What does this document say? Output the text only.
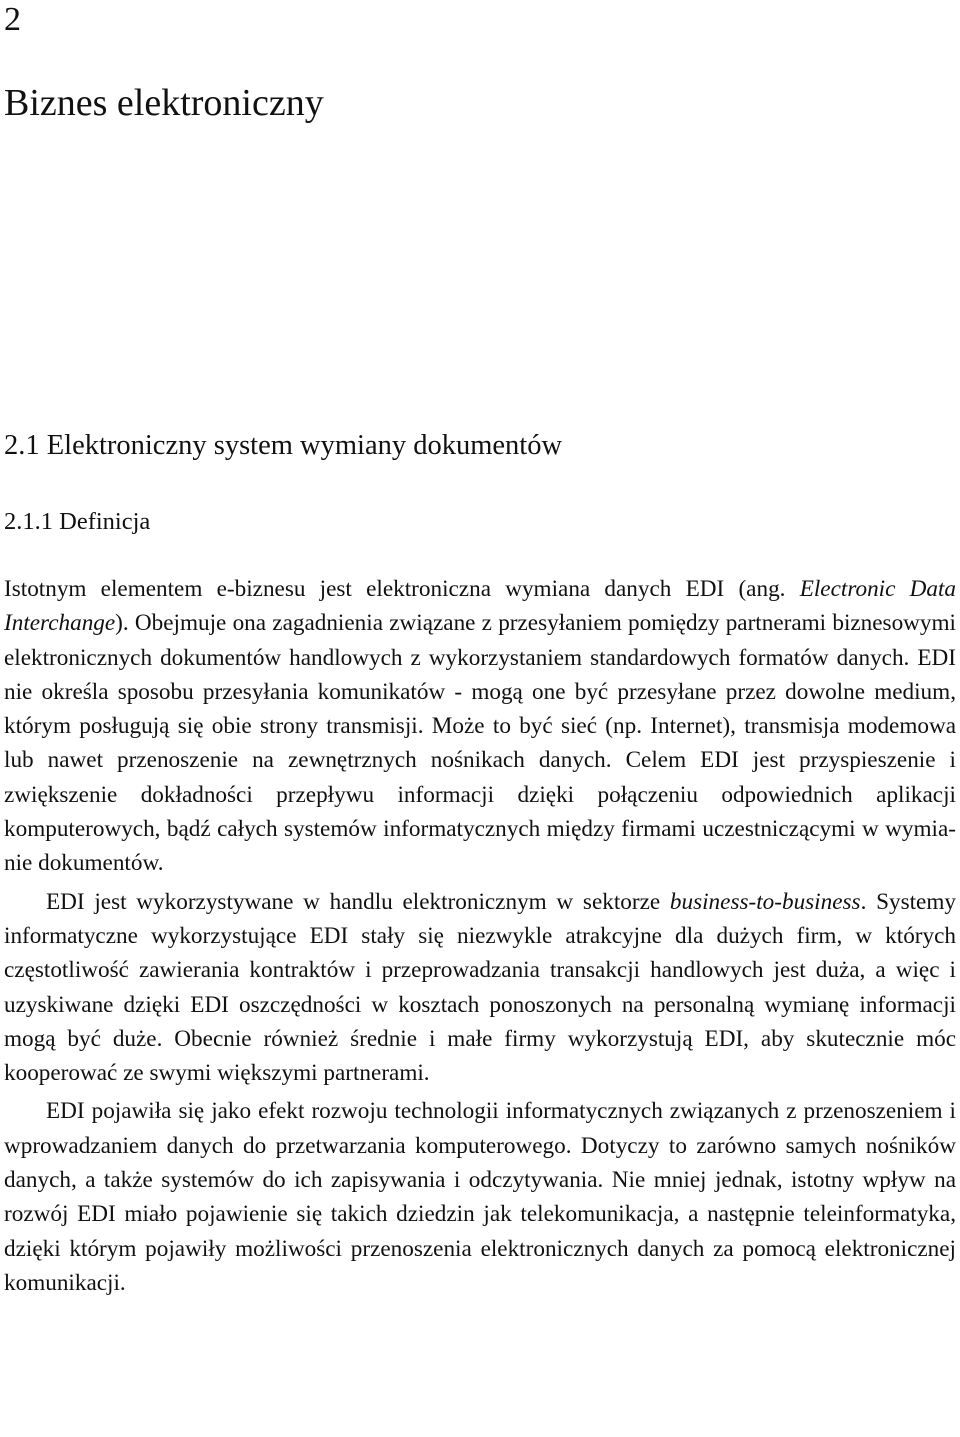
2
Biznes elektroniczny
2.1 Elektroniczny system wymiany dokumentów
2.1.1 Definicja

Istotnym elementem e-biznesu jest elektroniczna wymiana danych EDI (ang. Electronic Data Interchange). Obejmuje ona zagadnienia związane z przesyłaniem pomiędzy partnerami biznesowymi elektronicznych dokumentów handlowych z wykorzystaniem standardowych formatów danych. EDI nie określa sposobu przesyłania komunikatów - mogą one być przesyłane przez dowolne medium, którym posługują się obie strony transmisji. Może to być sieć (np. Internet), transmisja modemowa lub nawet przenoszenie na zewnętrznych nośnikach danych. Celem EDI jest przyspieszenie i zwiększenie dokładności przepływu informacji dzięki połączeniu odpowiednich aplikacji komputerowych, bądź całych systemów informatycznych między firmami uczestniczącymi w wymianie dokumentów.

EDI jest wykorzystywane w handlu elektronicznym w sektorze business-to-business. Systemy informatyczne wykorzystujące EDI stały się niezwykle atrakcyjne dla dużych firm, w których częstotliwość zawierania kontraktów i przeprowadzania transakcji handlowych jest duża, a więc i uzyskiwane dzięki EDI oszczędności w kosztach ponoszonych na personalną wymianę informacji mogą być duże. Obecnie również średnie i małe firmy wykorzystują EDI, aby skutecznie móc kooperować ze swymi większymi partnerami.

EDI pojawiła się jako efekt rozwoju technologii informatycznych związanych z przenoszeniem i wprowadzaniem danych do przetwarzania komputerowego. Dotyczy to zarówno samych nośników danych, a także systemów do ich zapisywania i odczytywania. Nie mniej jednak, istotny wpływ na rozwój EDI miało pojawienie się takich dziedzin jak telekomunikacja, a następnie teleinformatyka, dzięki którym pojawiły możliwości przenoszenia elektronicznych danych za pomocą elektronicznej komunikacji.
